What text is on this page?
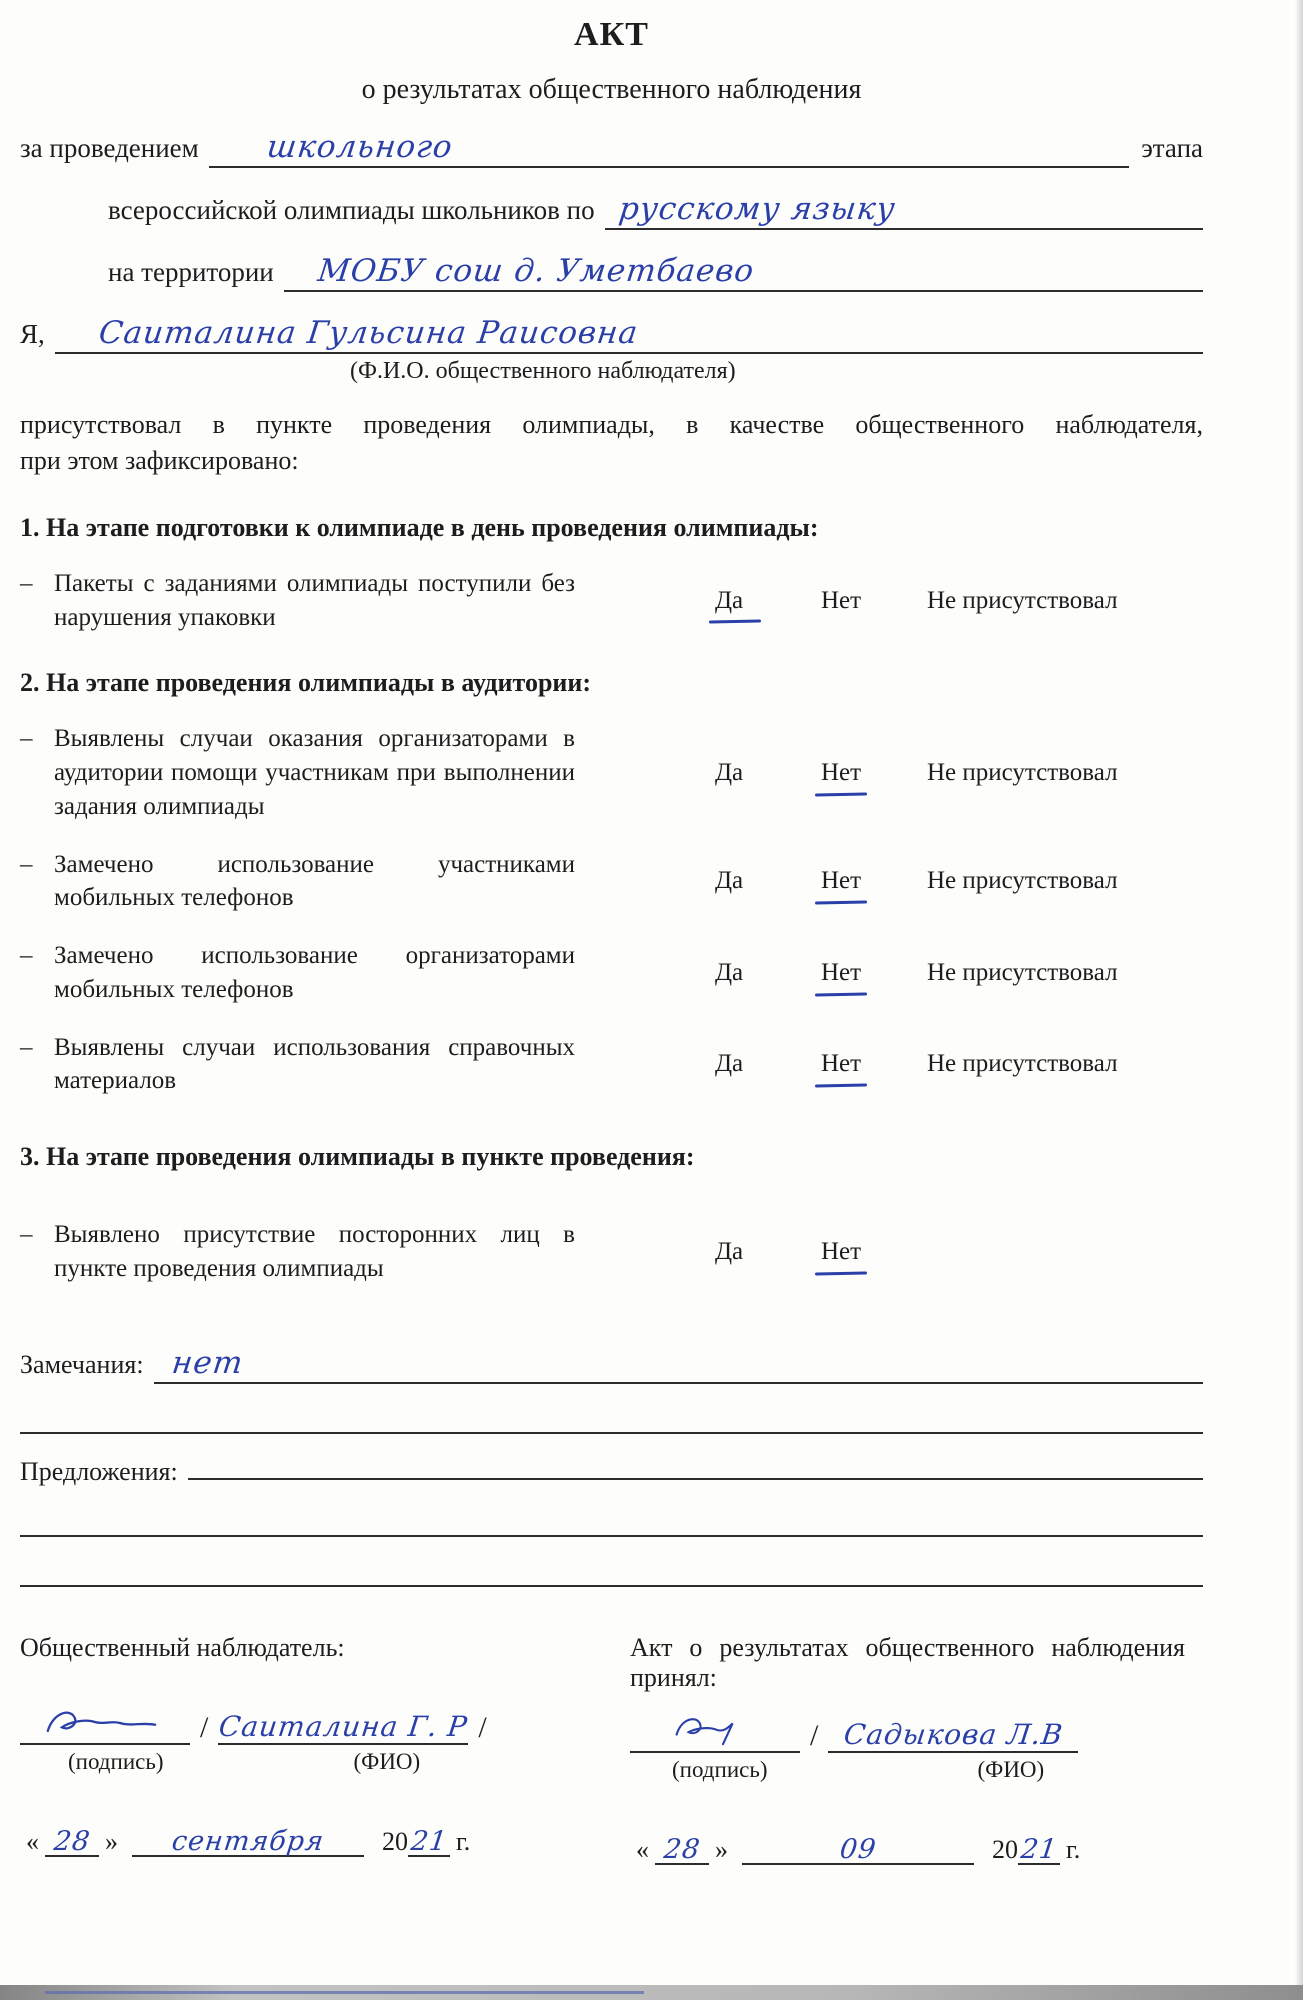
АКТ
о результатах общественного наблюдения
за проведением школьного	этапа
всероссийской олимпиады школьников по русскому языку
на территории МОБУ сош д. Уметбаево
Я, Саиталина Гульсина Раисовна
(Ф.И.О. общественного наблюдателя)
присутствовал в пункте проведения олимпиады, в качестве общественного наблюдателя,
при этом зафиксировано:
1. На этапе подготовки к олимпиаде в день проведения олимпиады:
– Пакеты с заданиями олимпиады поступили без нарушения упаковки
Да	Нет	Не присутствовал
2. На этапе проведения олимпиады в аудитории:
– Выявлены случаи оказания организаторами в аудитории помощи участникам при выполнении задания олимпиады
Да	Нет	Не присутствовал
– Замечено использование участниками мобильных телефонов
Да	Нет	Не присутствовал
– Замечено использование организаторами мобильных телефонов
Да	Нет	Не присутствовал
– Выявлены случаи использования справочных материалов
Да	Нет	Не присутствовал
3. На этапе проведения олимпиады в пункте проведения:
– Выявлено присутствие посторонних лиц в пункте проведения олимпиады
Да	Нет
Замечания: нет
Предложения:
Общественный наблюдатель:
/ Саиталина Г. Р /
(подпись)	(ФИО)
« 28 » сентября 20 21 г.
Акт о результатах общественного наблюдения принял:
/ Садыкова Л.В
(подпись)	(ФИО)
« 28 »	09	20 21 г.
